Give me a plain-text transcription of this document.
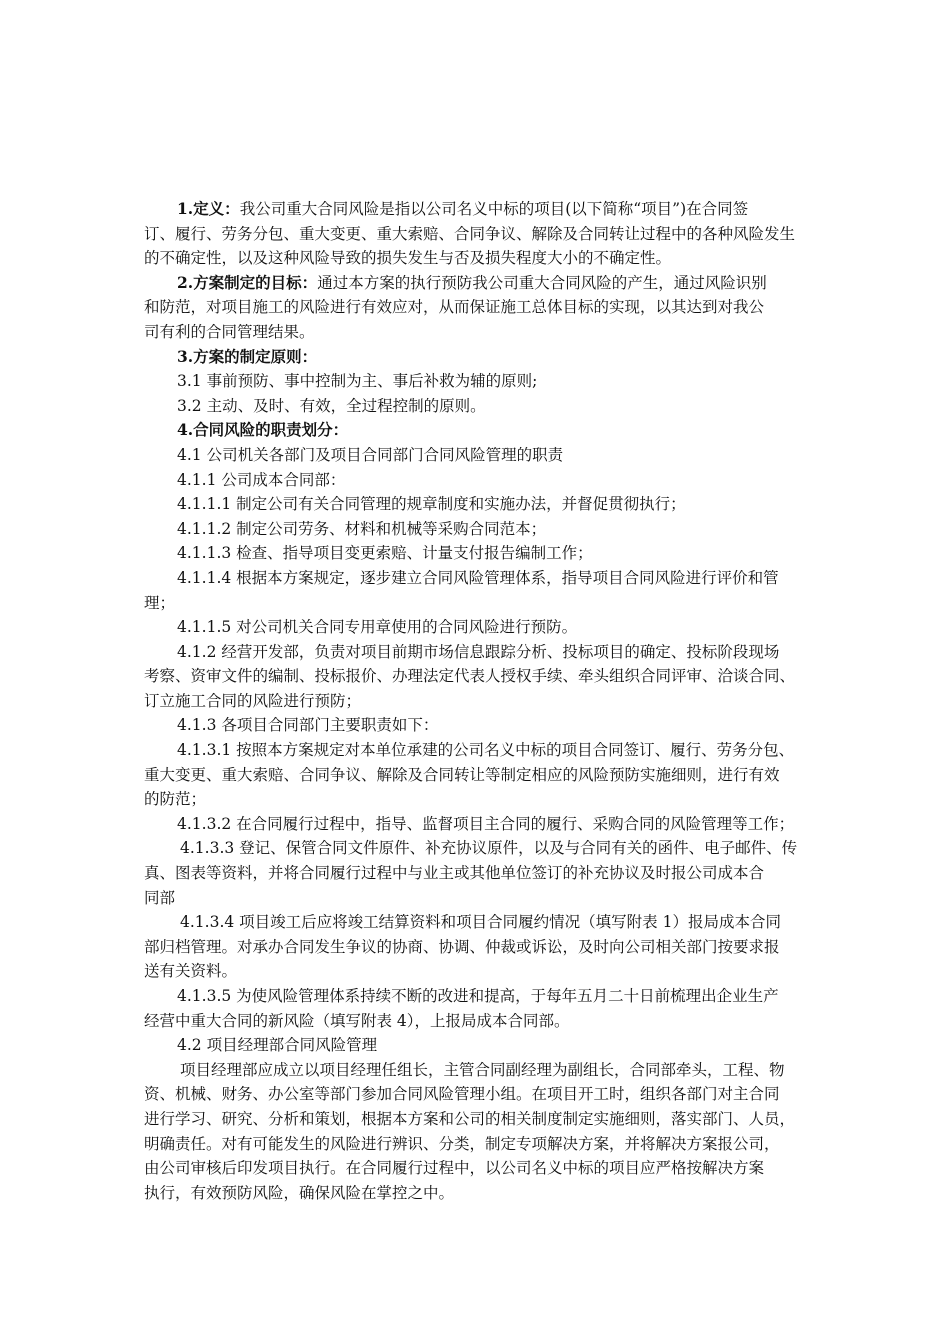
1.定义：我公司重大合同风险是指以公司名义中标的项目(以下简称“项目”)在合同签
订、履行、劳务分包、重大变更、重大索赔、合同争议、解除及合同转让过程中的各种风险发生
的不确定性，以及这种风险导致的损失发生与否及损失程度大小的不确定性。
2.方案制定的目标：通过本方案的执行预防我公司重大合同风险的产生，通过风险识别
和防范，对项目施工的风险进行有效应对，从而保证施工总体目标的实现，以其达到对我公
司有利的合同管理结果。
3.方案的制定原则：
3.1 事前预防、事中控制为主、事后补救为辅的原则;
3.2 主动、及时、有效，全过程控制的原则。
4.合同风险的职责划分：
4.1 公司机关各部门及项目合同部门合同风险管理的职责
4.1.1 公司成本合同部：
4.1.1.1 制定公司有关合同管理的规章制度和实施办法，并督促贯彻执行；
4.1.1.2 制定公司劳务、材料和机械等采购合同范本；
4.1.1.3 检查、指导项目变更索赔、计量支付报告编制工作；
4.1.1.4 根据本方案规定，逐步建立合同风险管理体系，指导项目合同风险进行评价和管
理；
4.1.1.5 对公司机关合同专用章使用的合同风险进行预防。
4.1.2 经营开发部，负责对项目前期市场信息跟踪分析、投标项目的确定、投标阶段现场
考察、资审文件的编制、投标报价、办理法定代表人授权手续、牵头组织合同评审、洽谈合同、
订立施工合同的风险进行预防；
4.1.3 各项目合同部门主要职责如下：
4.1.3.1 按照本方案规定对本单位承建的公司名义中标的项目合同签订、履行、劳务分包、
重大变更、重大索赔、合同争议、解除及合同转让等制定相应的风险预防实施细则，进行有效
的防范；
4.1.3.2 在合同履行过程中，指导、监督项目主合同的履行、采购合同的风险管理等工作；
4.1.3.3 登记、保管合同文件原件、补充协议原件，以及与合同有关的函件、电子邮件、传
真、图表等资料，并将合同履行过程中与业主或其他单位签订的补充协议及时报公司成本合
同部
4.1.3.4 项目竣工后应将竣工结算资料和项目合同履约情况（填写附表 1）报局成本合同
部归档管理。对承办合同发生争议的协商、协调、仲裁或诉讼，及时向公司相关部门按要求报
送有关资料。
4.1.3.5 为使风险管理体系持续不断的改进和提高，于每年五月二十日前梳理出企业生产
经营中重大合同的新风险（填写附表 4），上报局成本合同部。
4.2 项目经理部合同风险管理
项目经理部应成立以项目经理任组长，主管合同副经理为副组长，合同部牵头，工程、物
资、机械、财务、办公室等部门参加合同风险管理小组。在项目开工时，组织各部门对主合同
进行学习、研究、分析和策划，根据本方案和公司的相关制度制定实施细则，落实部门、人员，
明确责任。对有可能发生的风险进行辨识、分类，制定专项解决方案，并将解决方案报公司，
由公司审核后印发项目执行。在合同履行过程中，以公司名义中标的项目应严格按解决方案
执行，有效预防风险，确保风险在掌控之中。
